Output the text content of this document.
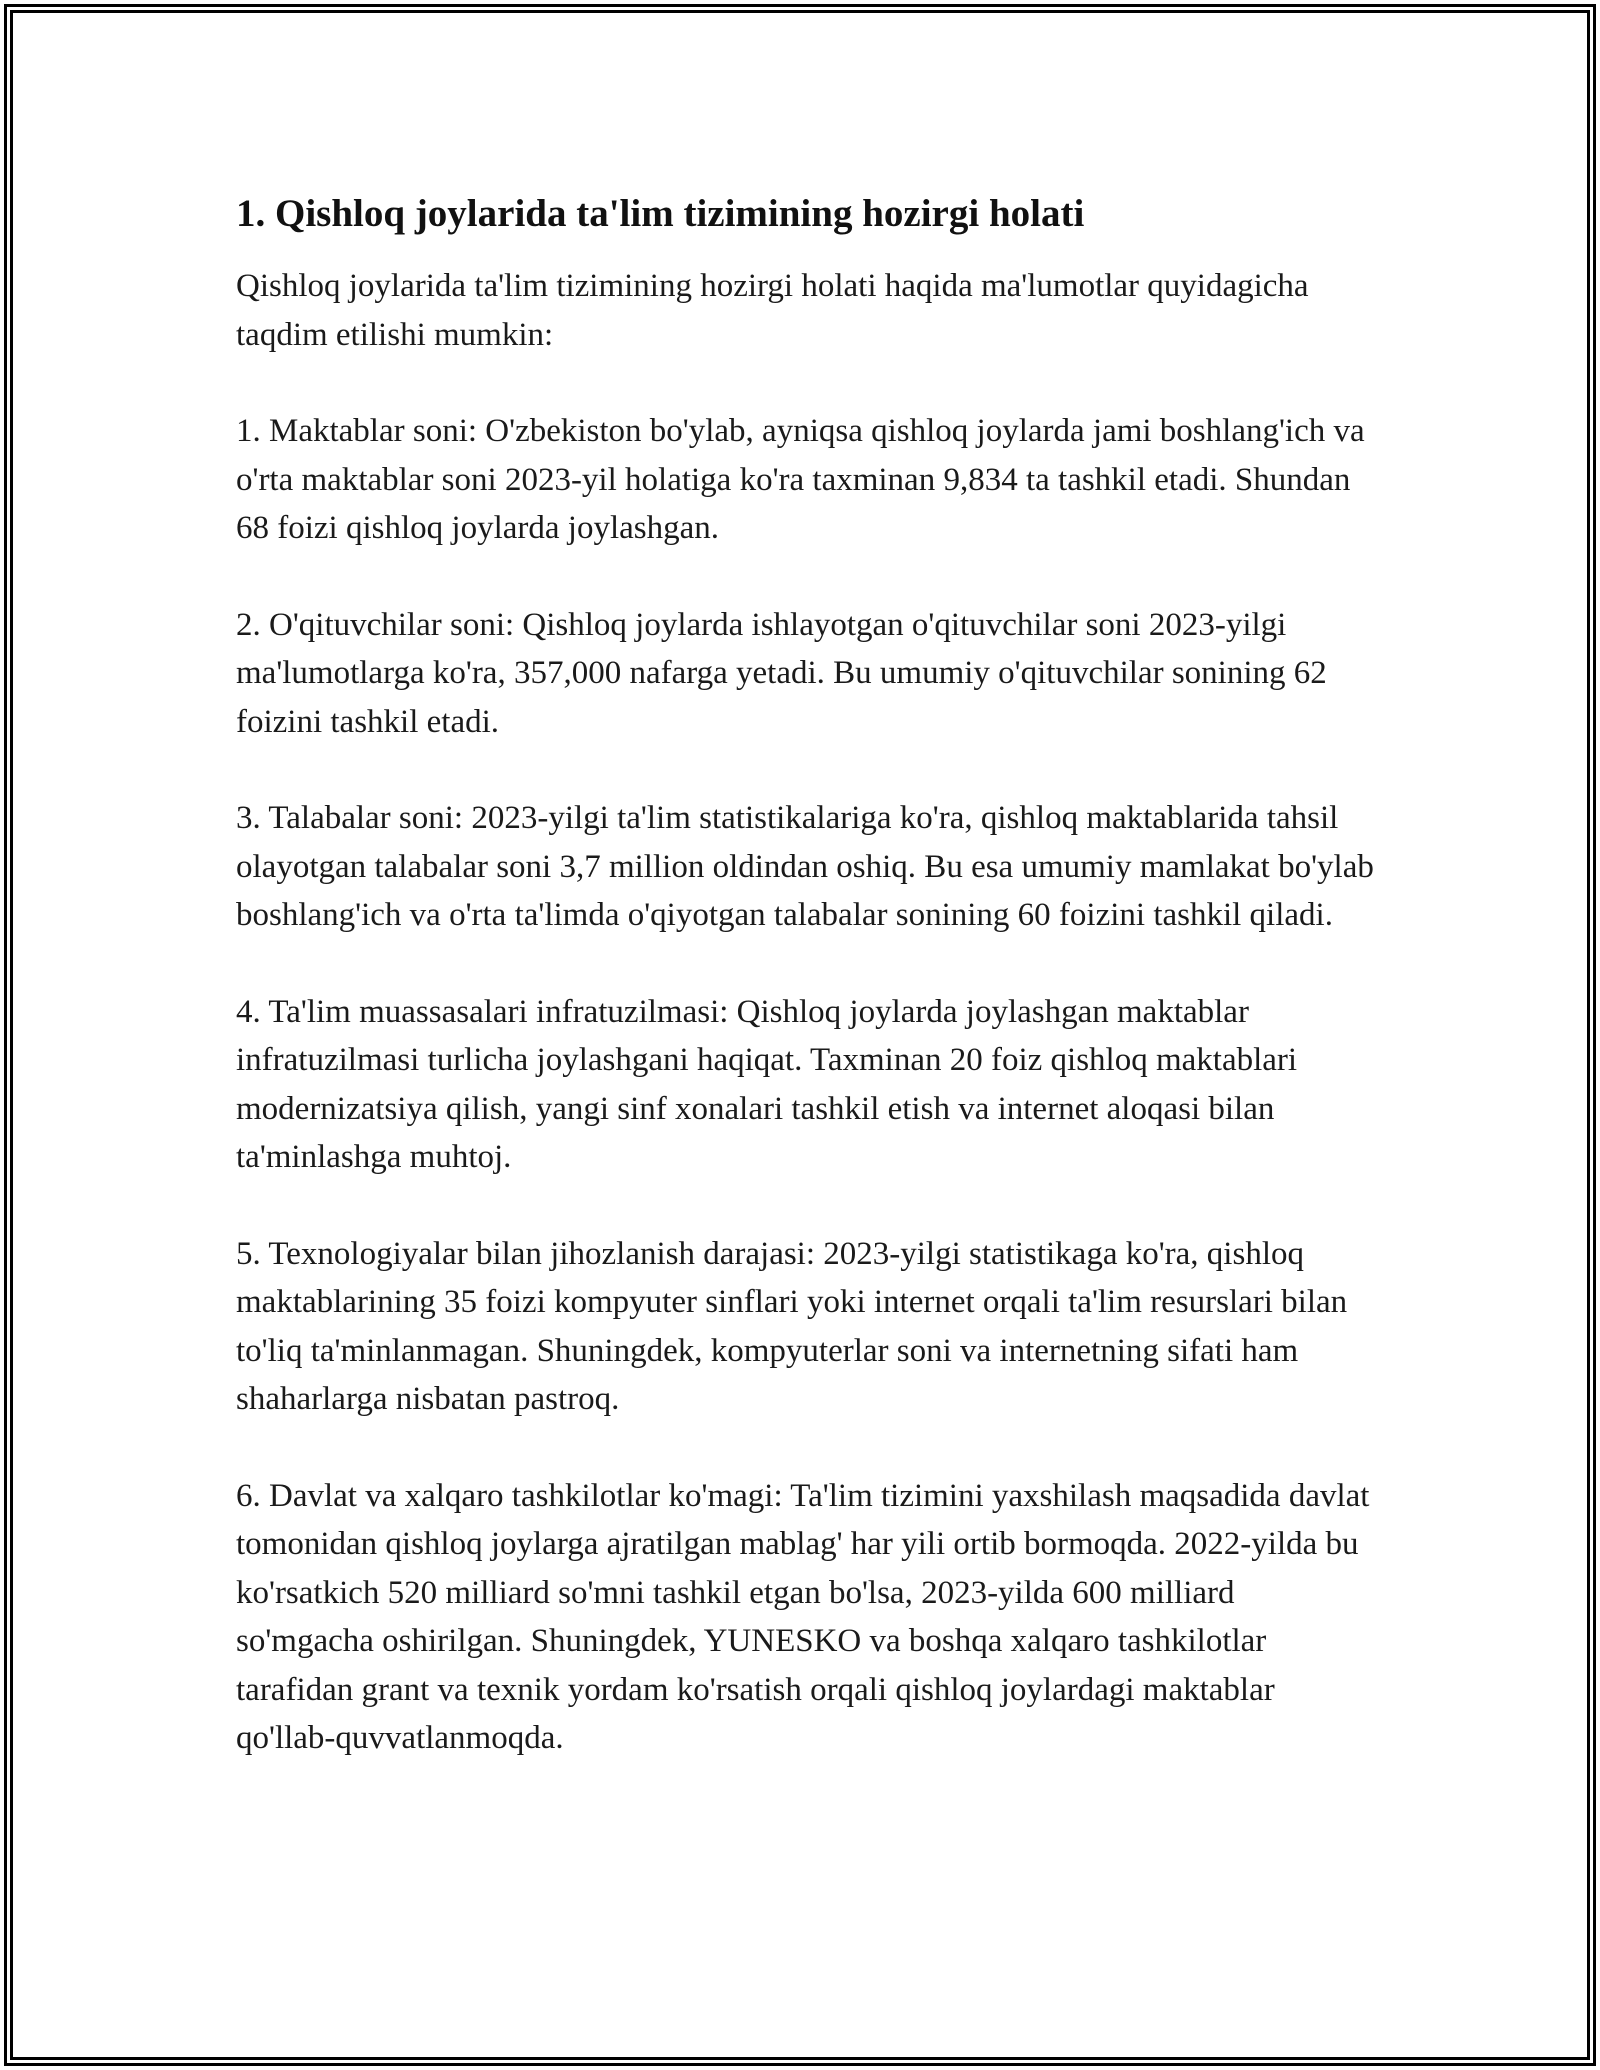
1. Qishloq joylarida ta'lim tizimining hozirgi holati

Qishloq joylarida ta'lim tizimining hozirgi holati haqida ma'lumotlar quyidagicha taqdim etilishi mumkin:

1. Maktablar soni: O'zbekiston bo'ylab, ayniqsa qishloq joylarda jami boshlang'ich va o'rta maktablar soni 2023-yil holatiga ko'ra taxminan 9,834 ta tashkil etadi. Shundan 68 foizi qishloq joylarda joylashgan.

2. O'qituvchilar soni: Qishloq joylarda ishlayotgan o'qituvchilar soni 2023-yilgi ma'lumotlarga ko'ra, 357,000 nafarga yetadi. Bu umumiy o'qituvchilar sonining 62 foizini tashkil etadi.

3. Talabalar soni: 2023-yilgi ta'lim statistikalariga ko'ra, qishloq maktablarida tahsil olayotgan talabalar soni 3,7 million oldindan oshiq. Bu esa umumiy mamlakat bo'ylab boshlang'ich va o'rta ta'limda o'qiyotgan talabalar sonining 60 foizini tashkil qiladi.

4. Ta'lim muassasalari infratuzilmasi: Qishloq joylarda joylashgan maktablar infratuzilmasi turlicha joylashgani haqiqat. Taxminan 20 foiz qishloq maktablari modernizatsiya qilish, yangi sinf xonalari tashkil etish va internet aloqasi bilan ta'minlashga muhtoj.

5. Texnologiyalar bilan jihozlanish darajasi: 2023-yilgi statistikaga ko'ra, qishloq maktablarining 35 foizi kompyuter sinflari yoki internet orqali ta'lim resurslari bilan to'liq ta'minlanmagan. Shuningdek, kompyuterlar soni va internetning sifati ham shaharlarga nisbatan pastroq.

6. Davlat va xalqaro tashkilotlar ko'magi: Ta'lim tizimini yaxshilash maqsadida davlat tomonidan qishloq joylarga ajratilgan mablag' har yili ortib bormoqda. 2022-yilda bu ko'rsatkich 520 milliard so'mni tashkil etgan bo'lsa, 2023-yilda 600 milliard so'mgacha oshirilgan. Shuningdek, YUNESKO va boshqa xalqaro tashkilotlar tarafidan grant va texnik yordam ko'rsatish orqali qishloq joylardagi maktablar qo'llab-quvvatlanmoqda.
